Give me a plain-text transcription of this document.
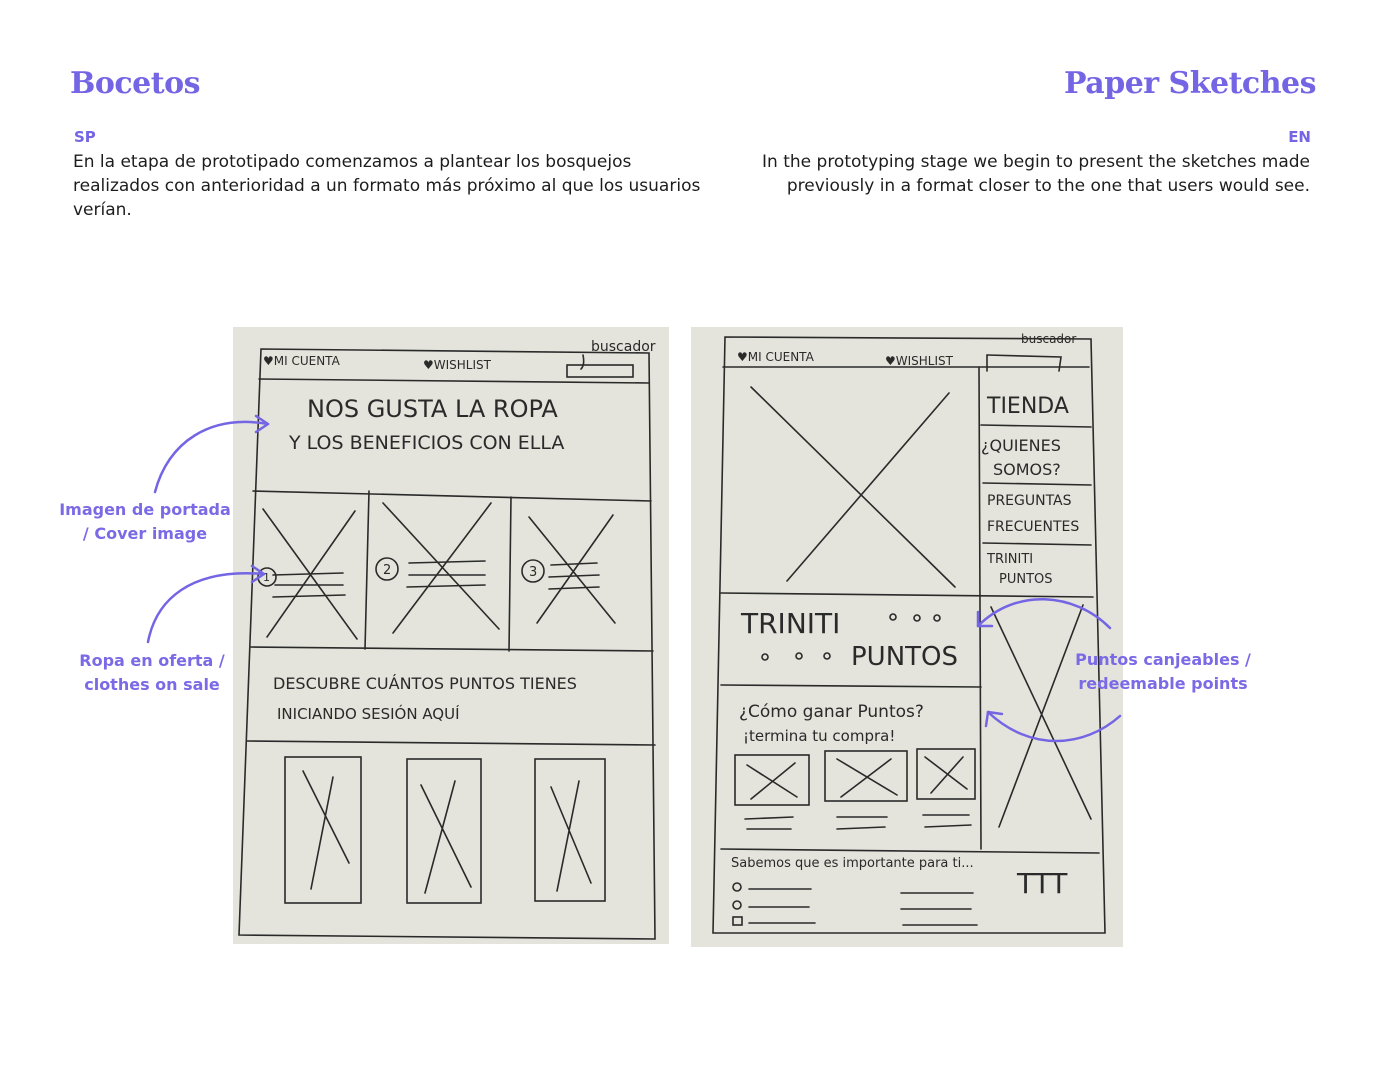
Bocetos	Paper Sketches
SP	EN

En la etapa de prototipado comenzamos a plantear los bosquejos realizados con anterioridad a un formato más próximo al que los usuarios verían.

In the prototyping stage we begin to present the sketches made previously in a format closer to the one that users would see.

♥MI CUENTA	♥WISHLIST
buscador
NOS GUSTA LA ROPA
Y LOS BENEFICIOS CON ELLA
1	2	3
DESCUBRE CUÁNTOS PUNTOS TIENES
INICIANDO SESIÓN AQUÍ
♥MI CUENTA	♥WISHLIST
buscador
TIENDA
¿QUIENES
SOMOS?
PREGUNTAS
FRECUENTES
TRINITI
PUNTOS
TRINITI
PUNTOS
¿Cómo ganar Puntos?
¡termina tu compra!
Sabemos que es importante para ti...
TTT

Imagen de portada / Cover image

Ropa en oferta / clothes on sale

Puntos canjeables / redeemable points
